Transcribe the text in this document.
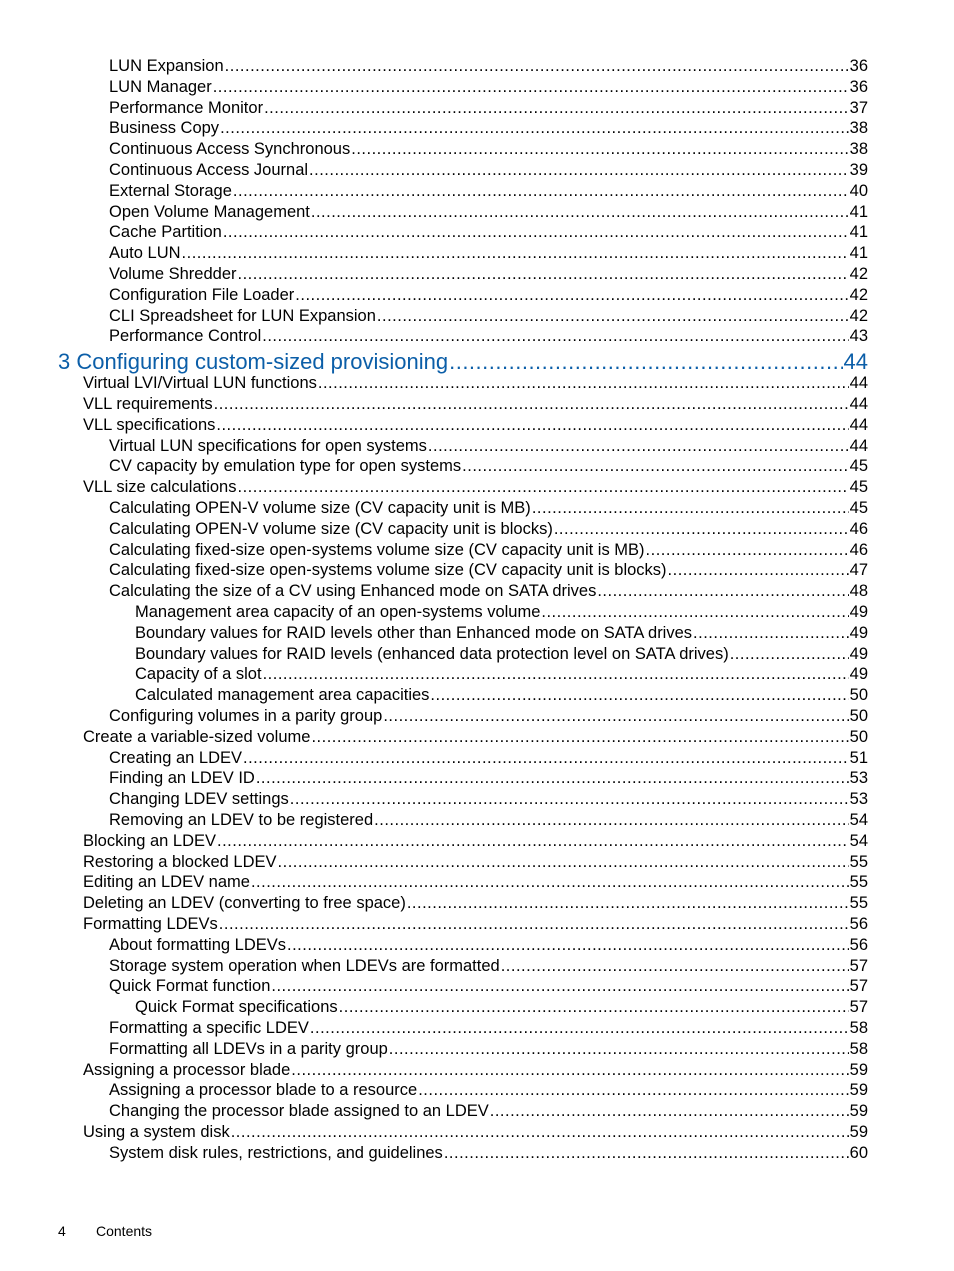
LUN Expansion .....	36
LUN Manager .....	36
Performance Monitor .....	37
Business Copy .....	38
Continuous Access Synchronous .....	38
Continuous Access Journal .....	39
External Storage .....	40
Open Volume Management .....	41
Cache Partition .....	41
Auto LUN .....	41
Volume Shredder .....	42
Configuration File Loader .....	42
CLI Spreadsheet for LUN Expansion .....	42
Performance Control .....	43
3 Configuring custom-sized provisioning .....	44
Virtual LVI/Virtual LUN functions .....	44
VLL requirements .....	44
VLL specifications .....	44
Virtual LUN specifications for open systems .....	44
CV capacity by emulation type for open systems .....	45
VLL size calculations .....	45
Calculating OPEN-V volume size (CV capacity unit is MB) .....	45
Calculating OPEN-V volume size (CV capacity unit is blocks) .....	46
Calculating fixed-size open-systems volume size (CV capacity unit is MB) .....	46
Calculating fixed-size open-systems volume size (CV capacity unit is blocks) .....	47
Calculating the size of a CV using Enhanced mode on SATA drives .....	48
Management area capacity of an open-systems volume .....	49
Boundary values for RAID levels other than Enhanced mode on SATA drives .....	49
Boundary values for RAID levels (enhanced data protection level on SATA drives) .....	49
Capacity of a slot .....	49
Calculated management area capacities .....	50
Configuring volumes in a parity group .....	50
Create a variable-sized volume .....	50
Creating an LDEV .....	51
Finding an LDEV ID .....	53
Changing LDEV settings .....	53
Removing an LDEV to be registered .....	54
Blocking an LDEV .....	54
Restoring a blocked LDEV .....	55
Editing an LDEV name .....	55
Deleting an LDEV (converting to free space) .....	55
Formatting LDEVs .....	56
About formatting LDEVs .....	56
Storage system operation when LDEVs are formatted .....	57
Quick Format function .....	57
Quick Format specifications .....	57
Formatting a specific LDEV .....	58
Formatting all LDEVs in a parity group .....	58
Assigning a processor blade .....	59
Assigning a processor blade to a resource .....	59
Changing the processor blade assigned to an LDEV .....	59
Using a system disk .....	59
System disk rules, restrictions, and guidelines .....	60
4	Contents
